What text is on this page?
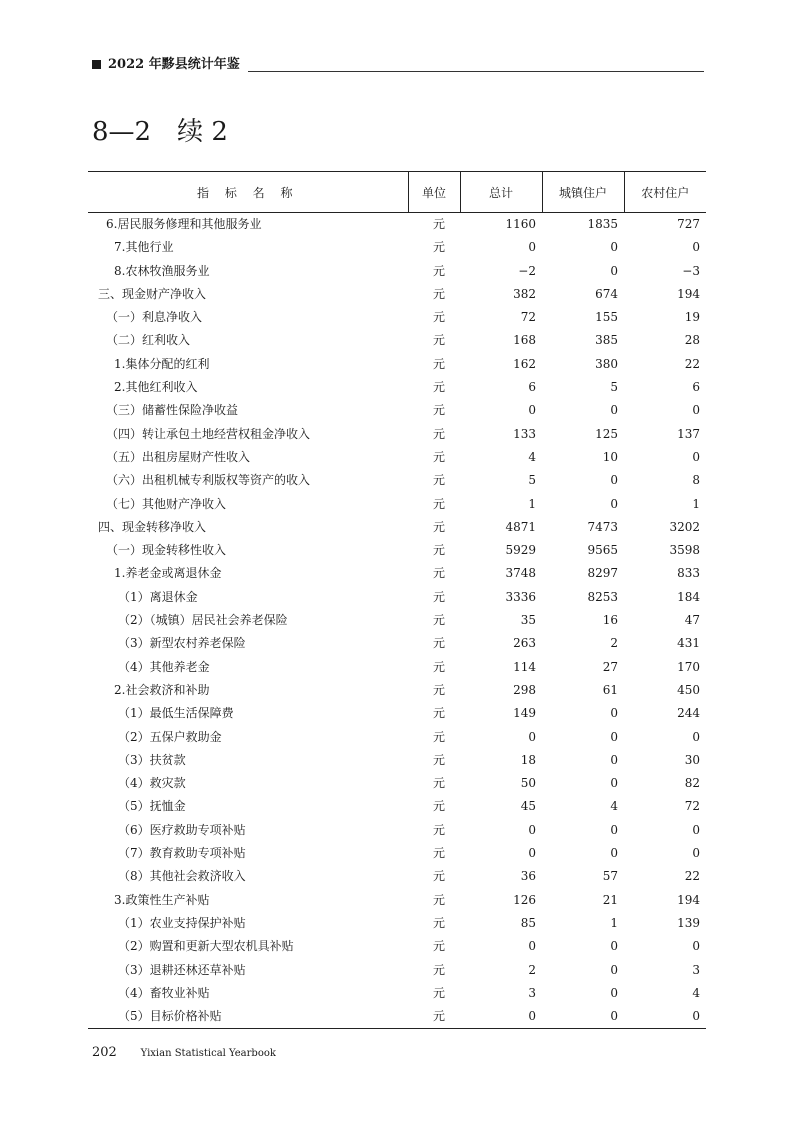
2022 年黟县统计年鉴
8—2　续 2
指 标 名 称	单位	总计	城镇住户	农村住户
6.居民服务修理和其他服务业	元	1160	1835	727
7.其他行业	元	0	0	0
8.农林牧渔服务业	元	−2	0	−3
三、现金财产净收入	元	382	674	194
（一）利息净收入	元	72	155	19
（二）红利收入	元	168	385	28
1.集体分配的红利	元	162	380	22
2.其他红利收入	元	6	5	6
（三）储蓄性保险净收益	元	0	0	0
（四）转让承包土地经营权租金净收入	元	133	125	137
（五）出租房屋财产性收入	元	4	10	0
（六）出租机械专利版权等资产的收入	元	5	0	8
（七）其他财产净收入	元	1	0	1
四、现金转移净收入	元	4871	7473	3202
（一）现金转移性收入	元	5929	9565	3598
1.养老金或离退休金	元	3748	8297	833
（1）离退休金	元	3336	8253	184
（2）（城镇）居民社会养老保险	元	35	16	47
（3）新型农村养老保险	元	263	2	431
（4）其他养老金	元	114	27	170
2.社会救济和补助	元	298	61	450
（1）最低生活保障费	元	149	0	244
（2）五保户救助金	元	0	0	0
（3）扶贫款	元	18	0	30
（4）救灾款	元	50	0	82
（5）抚恤金	元	45	4	72
（6）医疗救助专项补贴	元	0	0	0
（7）教育救助专项补贴	元	0	0	0
（8）其他社会救济收入	元	36	57	22
3.政策性生产补贴	元	126	21	194
（1）农业支持保护补贴	元	85	1	139
（2）购置和更新大型农机具补贴	元	0	0	0
（3）退耕还林还草补贴	元	2	0	3
（4）畜牧业补贴	元	3	0	4
（5）目标价格补贴	元	0	0	0
202 Yixian Statistical Yearbook
